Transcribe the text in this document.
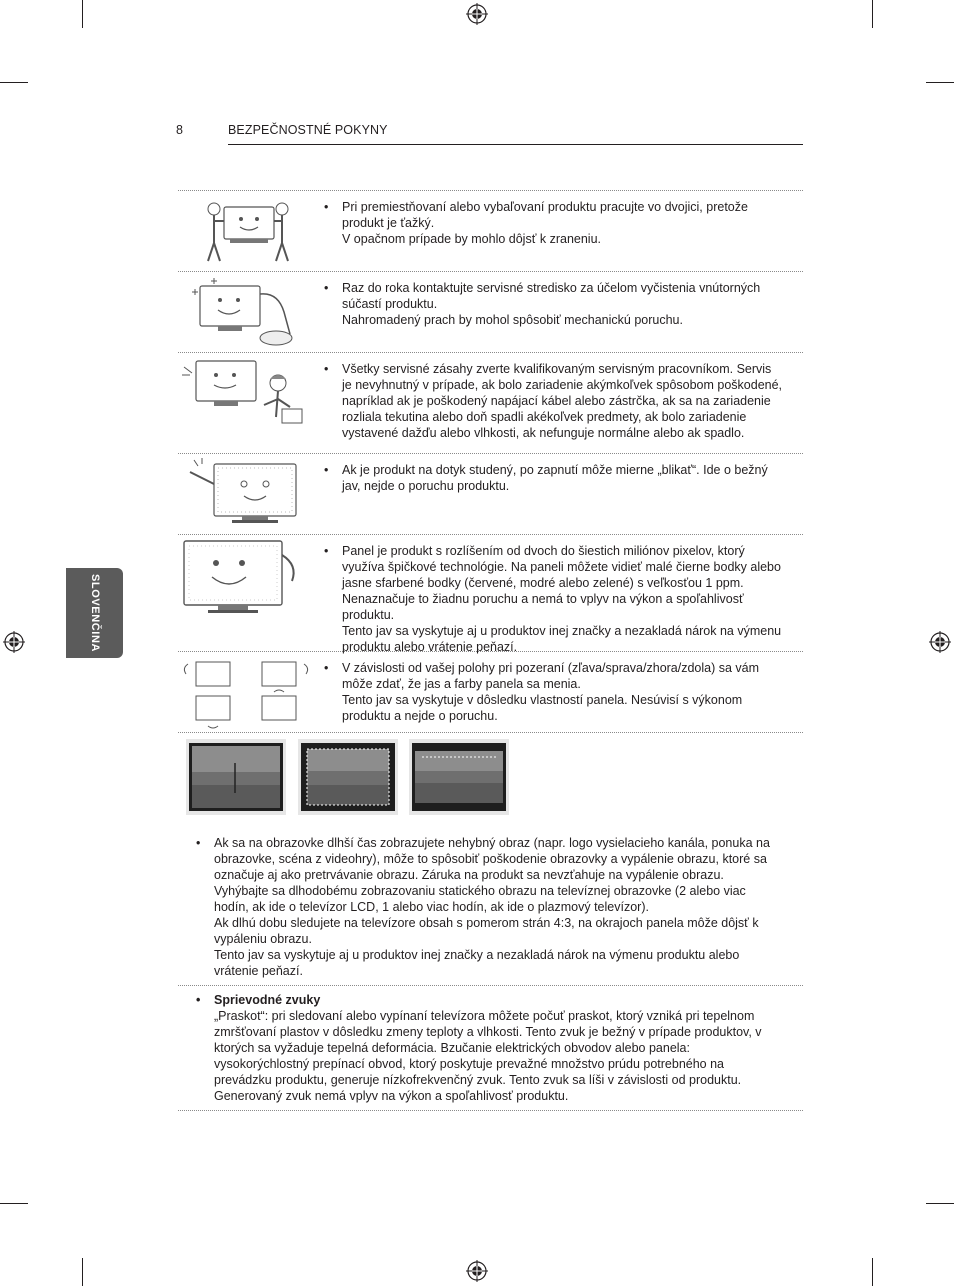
8	BEZPEČNOSTNÉ POKYNY
SLOVENČINA
•	Pri premiestňovaní alebo vybaľovaní produktu pracujte vo dvojici, pretože produkt je ťažký.

V opačnom prípade by mohlo dôjsť k zraneniu.

•	Raz do roka kontaktujte servisné stredisko za účelom vyčistenia vnútorných súčastí produktu.

Nahromadený prach by mohol spôsobiť mechanickú poruchu.

•	Všetky servisné zásahy zverte kvalifikovaným servisným pracovníkom. Servis je nevyhnutný v prípade, ak bolo zariadenie akýmkoľvek spôsobom poškodené, napríklad ak je poškodený napájací kábel alebo zástrčka, ak sa na zariadenie rozliala tekutina alebo doň spadli akékoľvek predmety, ak bolo zariadenie vystavené dažďu alebo vlhkosti, ak nefunguje normálne alebo ak spadlo.

•	Ak je produkt na dotyk studený, po zapnutí môže mierne „blikať“. Ide o bežný jav, nejde o poruchu produktu.

•	Panel je produkt s rozlíšením od dvoch do šiestich miliónov pixelov, ktorý využíva špičkové technológie. Na paneli môžete vidieť malé čierne bodky alebo jasne sfarbené bodky (červené, modré alebo zelené) s veľkosťou 1 ppm. Nenaznačuje to žiadnu poruchu a nemá to vplyv na výkon a spoľahlivosť produktu.

Tento jav sa vyskytuje aj u produktov inej značky a nezakladá nárok na výmenu produktu alebo vrátenie peňazí.

•	V závislosti od vašej polohy pri pozeraní (zľava/sprava/zhora/zdola) sa vám môže zdať, že jas a farby panela sa menia.

Tento jav sa vyskytuje v dôsledku vlastností panela. Nesúvisí s výkonom produktu a nejde o poruchu.

•	Ak sa na obrazovke dlhší čas zobrazujete nehybný obraz (napr. logo vysielacieho kanála, ponuka na obrazovke, scéna z videohry), môže to spôsobiť poškodenie obrazovky a vypálenie obrazu, ktoré sa označuje aj ako pretrvávanie obrazu. Záruka na produkt sa nevzťahuje na vypálenie obrazu.

Vyhýbajte sa dlhodobému zobrazovaniu statického obrazu na televíznej obrazovke (2 alebo viac hodín, ak ide o televízor LCD, 1 alebo viac hodín, ak ide o plazmový televízor).

Ak dlhú dobu sledujete na televízore obsah s pomerom strán 4:3, na okrajoch panela môže dôjsť k vypáleniu obrazu.

Tento jav sa vyskytuje aj u produktov inej značky a nezakladá nárok na výmenu produktu alebo vrátenie peňazí.

•	Sprievodné zvuky

„Praskot“: pri sledovaní alebo vypínaní televízora môžete počuť praskot, ktorý vzniká pri tepelnom zmršťovaní plastov v dôsledku zmeny teploty a vlhkosti. Tento zvuk je bežný v prípade produktov, v ktorých sa vyžaduje tepelná deformácia. Bzučanie elektrických obvodov alebo panela: vysokorýchlostný prepínací obvod, ktorý poskytuje prevažné množstvo prúdu potrebného na prevádzku produktu, generuje nízkofrekvenčný zvuk. Tento zvuk sa líši v závislosti od produktu.

Generovaný zvuk nemá vplyv na výkon a spoľahlivosť produktu.
